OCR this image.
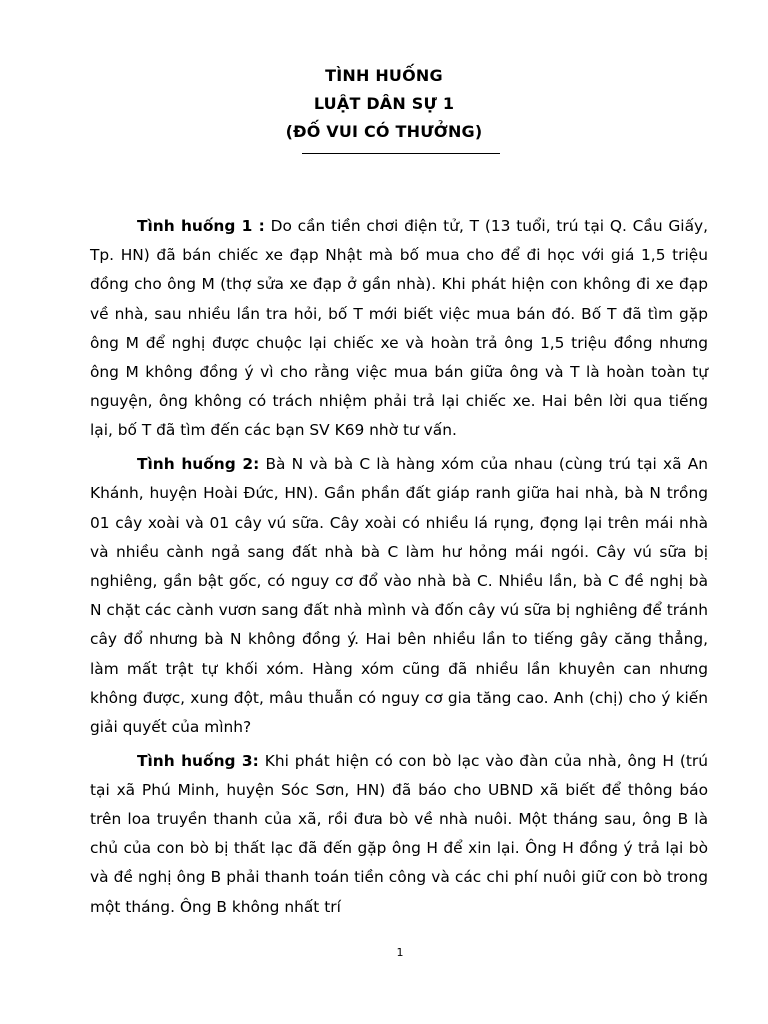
TÌNH HUỐNG
LUẬT DÂN SỰ 1
(ĐỐ VUI CÓ THƯỞNG)

Tình huống 1 : Do cần tiền chơi điện tử, T (13 tuổi, trú tại Q. Cầu Giấy, Tp. HN) đã bán chiếc xe đạp Nhật mà bố mua cho để đi học với giá 1,5 triệu đồng cho ông M (thợ sửa xe đạp ở gần nhà). Khi phát hiện con không đi xe đạp về nhà, sau nhiều lần tra hỏi, bố T mới biết việc mua bán đó. Bố T đã tìm gặp ông M để nghị được chuộc lại chiếc xe và hoàn trả ông 1,5 triệu đồng nhưng ông M không đồng ý vì cho rằng việc mua bán giữa ông và T là hoàn toàn tự nguyện, ông không có trách nhiệm phải trả lại chiếc xe. Hai bên lời qua tiếng lại, bố T đã tìm đến các bạn SV K69 nhờ tư vấn.

Tình huống 2: Bà N và bà C là hàng xóm của nhau (cùng trú tại xã An Khánh, huyện Hoài Đức, HN). Gần phần đất giáp ranh giữa hai nhà, bà N trồng 01 cây xoài và 01 cây vú sữa. Cây xoài có nhiều lá rụng, đọng lại trên mái nhà và nhiều cành ngả sang đất nhà bà C làm hư hỏng mái ngói. Cây vú sữa bị nghiêng, gần bật gốc, có nguy cơ đổ vào nhà bà C. Nhiều lần, bà C đề nghị bà N chặt các cành vươn sang đất nhà mình và đốn cây vú sữa bị nghiêng để tránh cây đổ nhưng bà N không đồng ý. Hai bên nhiều lần to tiếng gây căng thẳng, làm mất trật tự khối xóm. Hàng xóm cũng đã nhiều lần khuyên can nhưng không được, xung đột, mâu thuẫn có nguy cơ gia tăng cao. Anh (chị) cho ý kiến giải quyết của mình?

Tình huống 3: Khi phát hiện có con bò lạc vào đàn của nhà, ông H (trú tại xã Phú Minh, huyện Sóc Sơn, HN) đã báo cho UBND xã biết để thông báo trên loa truyền thanh của xã, rồi đưa bò về nhà nuôi. Một tháng sau, ông B là chủ của con bò bị thất lạc đã đến gặp ông H để xin lại. Ông H đồng ý trả lại bò và đề nghị ông B phải thanh toán tiền công và các chi phí nuôi giữ con bò trong một tháng. Ông B không nhất trí

1
